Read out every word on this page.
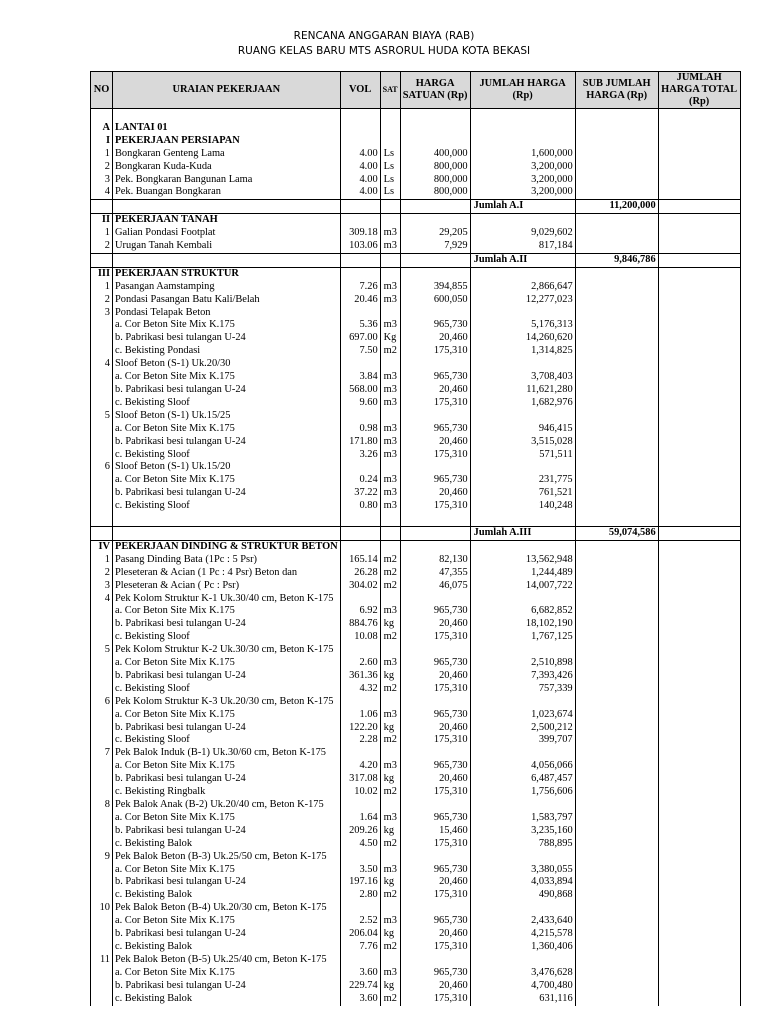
RENCANA ANGGARAN BIAYA (RAB)
RUANG KELAS BARU MTS ASRORUL HUDA KOTA BEKASI
NO	URAIAN PEKERJAAN	VOL	SAT	HARGA SATUAN (Rp)	JUMLAH HARGA (Rp)	SUB JUMLAH HARGA (Rp)	JUMLAH HARGA TOTAL (Rp)

A	LANTAI 01						
I	PEKERJAAN PERSIAPAN						
1	Bongkaran Genteng Lama	4.00	Ls	400,000	1,600,000		
2	Bongkaran Kuda-Kuda	4.00	Ls	800,000	3,200,000		
3	Pek. Bongkaran Bangunan Lama	4.00	Ls	800,000	3,200,000		
4	Pek. Buangan Bongkaran	4.00	Ls	800,000	3,200,000		
					Jumlah A.I	11,200,000	
II	PEKERJAAN TANAH						
1	Galian Pondasi Footplat	309.18	m3	29,205	9,029,602		
2	Urugan Tanah Kembali	103.06	m3	7,929	817,184		
					Jumlah A.II	9,846,786	
III	PEKERJAAN STRUKTUR						
1	Pasangan Aamstamping	7.26	m3	394,855	2,866,647		
2	Pondasi Pasangan Batu Kali/Belah	20.46	m3	600,050	12,277,023		
3	Pondasi Telapak Beton						
	a. Cor Beton Site Mix K.175	5.36	m3	965,730	5,176,313		
	b. Pabrikasi besi tulangan U-24	697.00	Kg	20,460	14,260,620		
	c. Bekisting Pondasi	7.50	m2	175,310	1,314,825		
4	Sloof Beton (S-1) Uk.20/30						
	a. Cor Beton Site Mix K.175	3.84	m3	965,730	3,708,403		
	b. Pabrikasi besi tulangan U-24	568.00	m3	20,460	11,621,280		
	c. Bekisting Sloof	9.60	m3	175,310	1,682,976		
5	Sloof Beton (S-1) Uk.15/25						
	a. Cor Beton Site Mix K.175	0.98	m3	965,730	946,415		
	b. Pabrikasi besi tulangan U-24	171.80	m3	20,460	3,515,028		
	c. Bekisting Sloof	3.26	m3	175,310	571,511		
6	Sloof Beton (S-1) Uk.15/20						
	a. Cor Beton Site Mix K.175	0.24	m3	965,730	231,775		
	b. Pabrikasi besi tulangan U-24	37.22	m3	20,460	761,521		
	c. Bekisting Sloof	0.80	m3	175,310	140,248		

					Jumlah A.III	59,074,586	
IV	PEKERJAAN DINDING & STRUKTUR BETON						
1	Pasang Dinding Bata (1Pc : 5 Psr)	165.14	m2	82,130	13,562,948		
2	Pleseteran & Acian (1 Pc : 4 Psr) Beton dan	26.28	m2	47,355	1,244,489		
3	Pleseteran & Acian ( Pc : Psr)	304.02	m2	46,075	14,007,722		
4	Pek Kolom Struktur K-1 Uk.30/40 cm, Beton K-175						
	a. Cor Beton Site Mix K.175	6.92	m3	965,730	6,682,852		
	b. Pabrikasi besi tulangan U-24	884.76	kg	20,460	18,102,190		
	c. Bekisting Sloof	10.08	m2	175,310	1,767,125		
5	Pek Kolom Struktur K-2 Uk.30/30 cm, Beton K-175						
	a. Cor Beton Site Mix K.175	2.60	m3	965,730	2,510,898		
	b. Pabrikasi besi tulangan U-24	361.36	kg	20,460	7,393,426		
	c. Bekisting Sloof	4.32	m2	175,310	757,339		
6	Pek Kolom Struktur K-3 Uk.20/30 cm, Beton K-175						
	a. Cor Beton Site Mix K.175	1.06	m3	965,730	1,023,674		
	b. Pabrikasi besi tulangan U-24	122.20	kg	20,460	2,500,212		
	c. Bekisting Sloof	2.28	m2	175,310	399,707		
7	Pek Balok Induk (B-1) Uk.30/60 cm, Beton K-175						
	a. Cor Beton Site Mix K.175	4.20	m3	965,730	4,056,066		
	b. Pabrikasi besi tulangan U-24	317.08	kg	20,460	6,487,457		
	c. Bekisting Ringbalk	10.02	m2	175,310	1,756,606		
8	Pek Balok Anak (B-2) Uk.20/40 cm, Beton K-175						
	a. Cor Beton Site Mix K.175	1.64	m3	965,730	1,583,797		
	b. Pabrikasi besi tulangan U-24	209.26	kg	15,460	3,235,160		
	c. Bekisting Balok	4.50	m2	175,310	788,895		
9	Pek Balok Beton (B-3) Uk.25/50 cm, Beton K-175						
	a. Cor Beton Site Mix K.175	3.50	m3	965,730	3,380,055		
	b. Pabrikasi besi tulangan U-24	197.16	kg	20,460	4,033,894		
	c. Bekisting Balok	2.80	m2	175,310	490,868		
10	Pek Balok Beton (B-4) Uk.20/30 cm, Beton K-175						
	a. Cor Beton Site Mix K.175	2.52	m3	965,730	2,433,640		
	b. Pabrikasi besi tulangan U-24	206.04	kg	20,460	4,215,578		
	c. Bekisting Balok	7.76	m2	175,310	1,360,406		
11	Pek Balok Beton (B-5) Uk.25/40 cm, Beton K-175						
	a. Cor Beton Site Mix K.175	3.60	m3	965,730	3,476,628		
	b. Pabrikasi besi tulangan U-24	229.74	kg	20,460	4,700,480		
	c. Bekisting Balok	3.60	m2	175,310	631,116		
